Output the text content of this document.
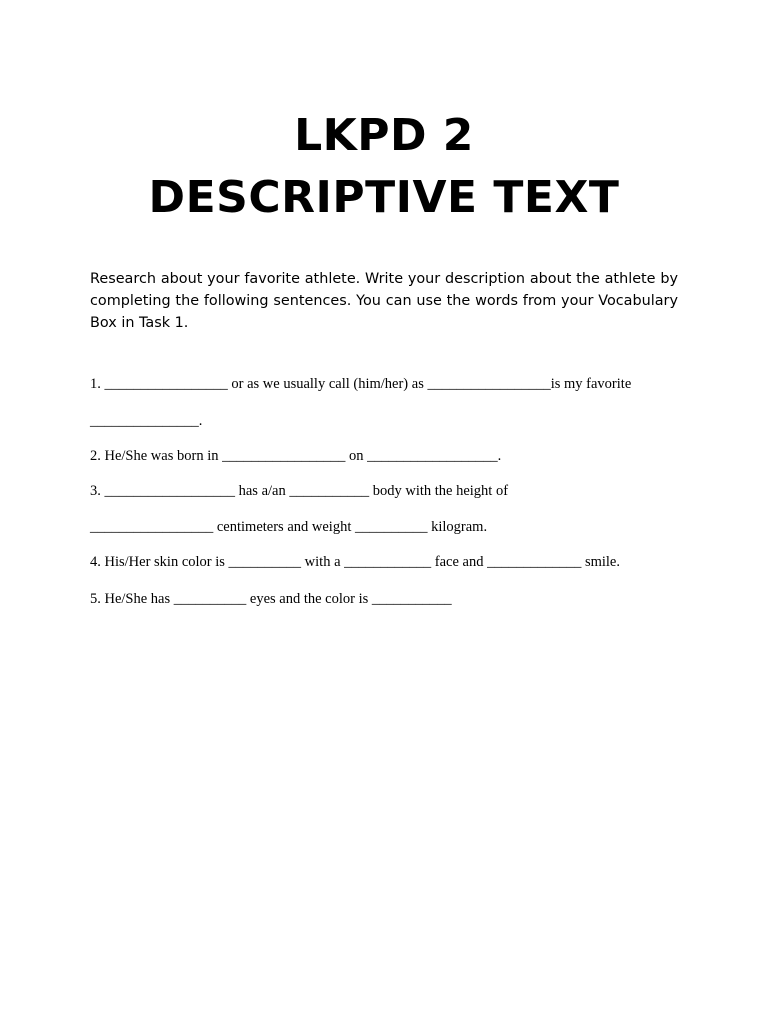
LKPD 2
DESCRIPTIVE TEXT
Research about your favorite athlete. Write your description about the athlete by
completing the following sentences. You can use the words from your Vocabulary
Box in Task 1.
1. _________________ or as we usually call (him/her) as _________________is my favorite
_______________.
2. He/She was born in _________________ on __________________.
3. __________________ has a/an ___________ body with the height of
_________________ centimeters and weight __________ kilogram.
4. His/Her skin color is __________ with a ____________ face and _____________ smile.
5. He/She has __________ eyes and the color is ___________
